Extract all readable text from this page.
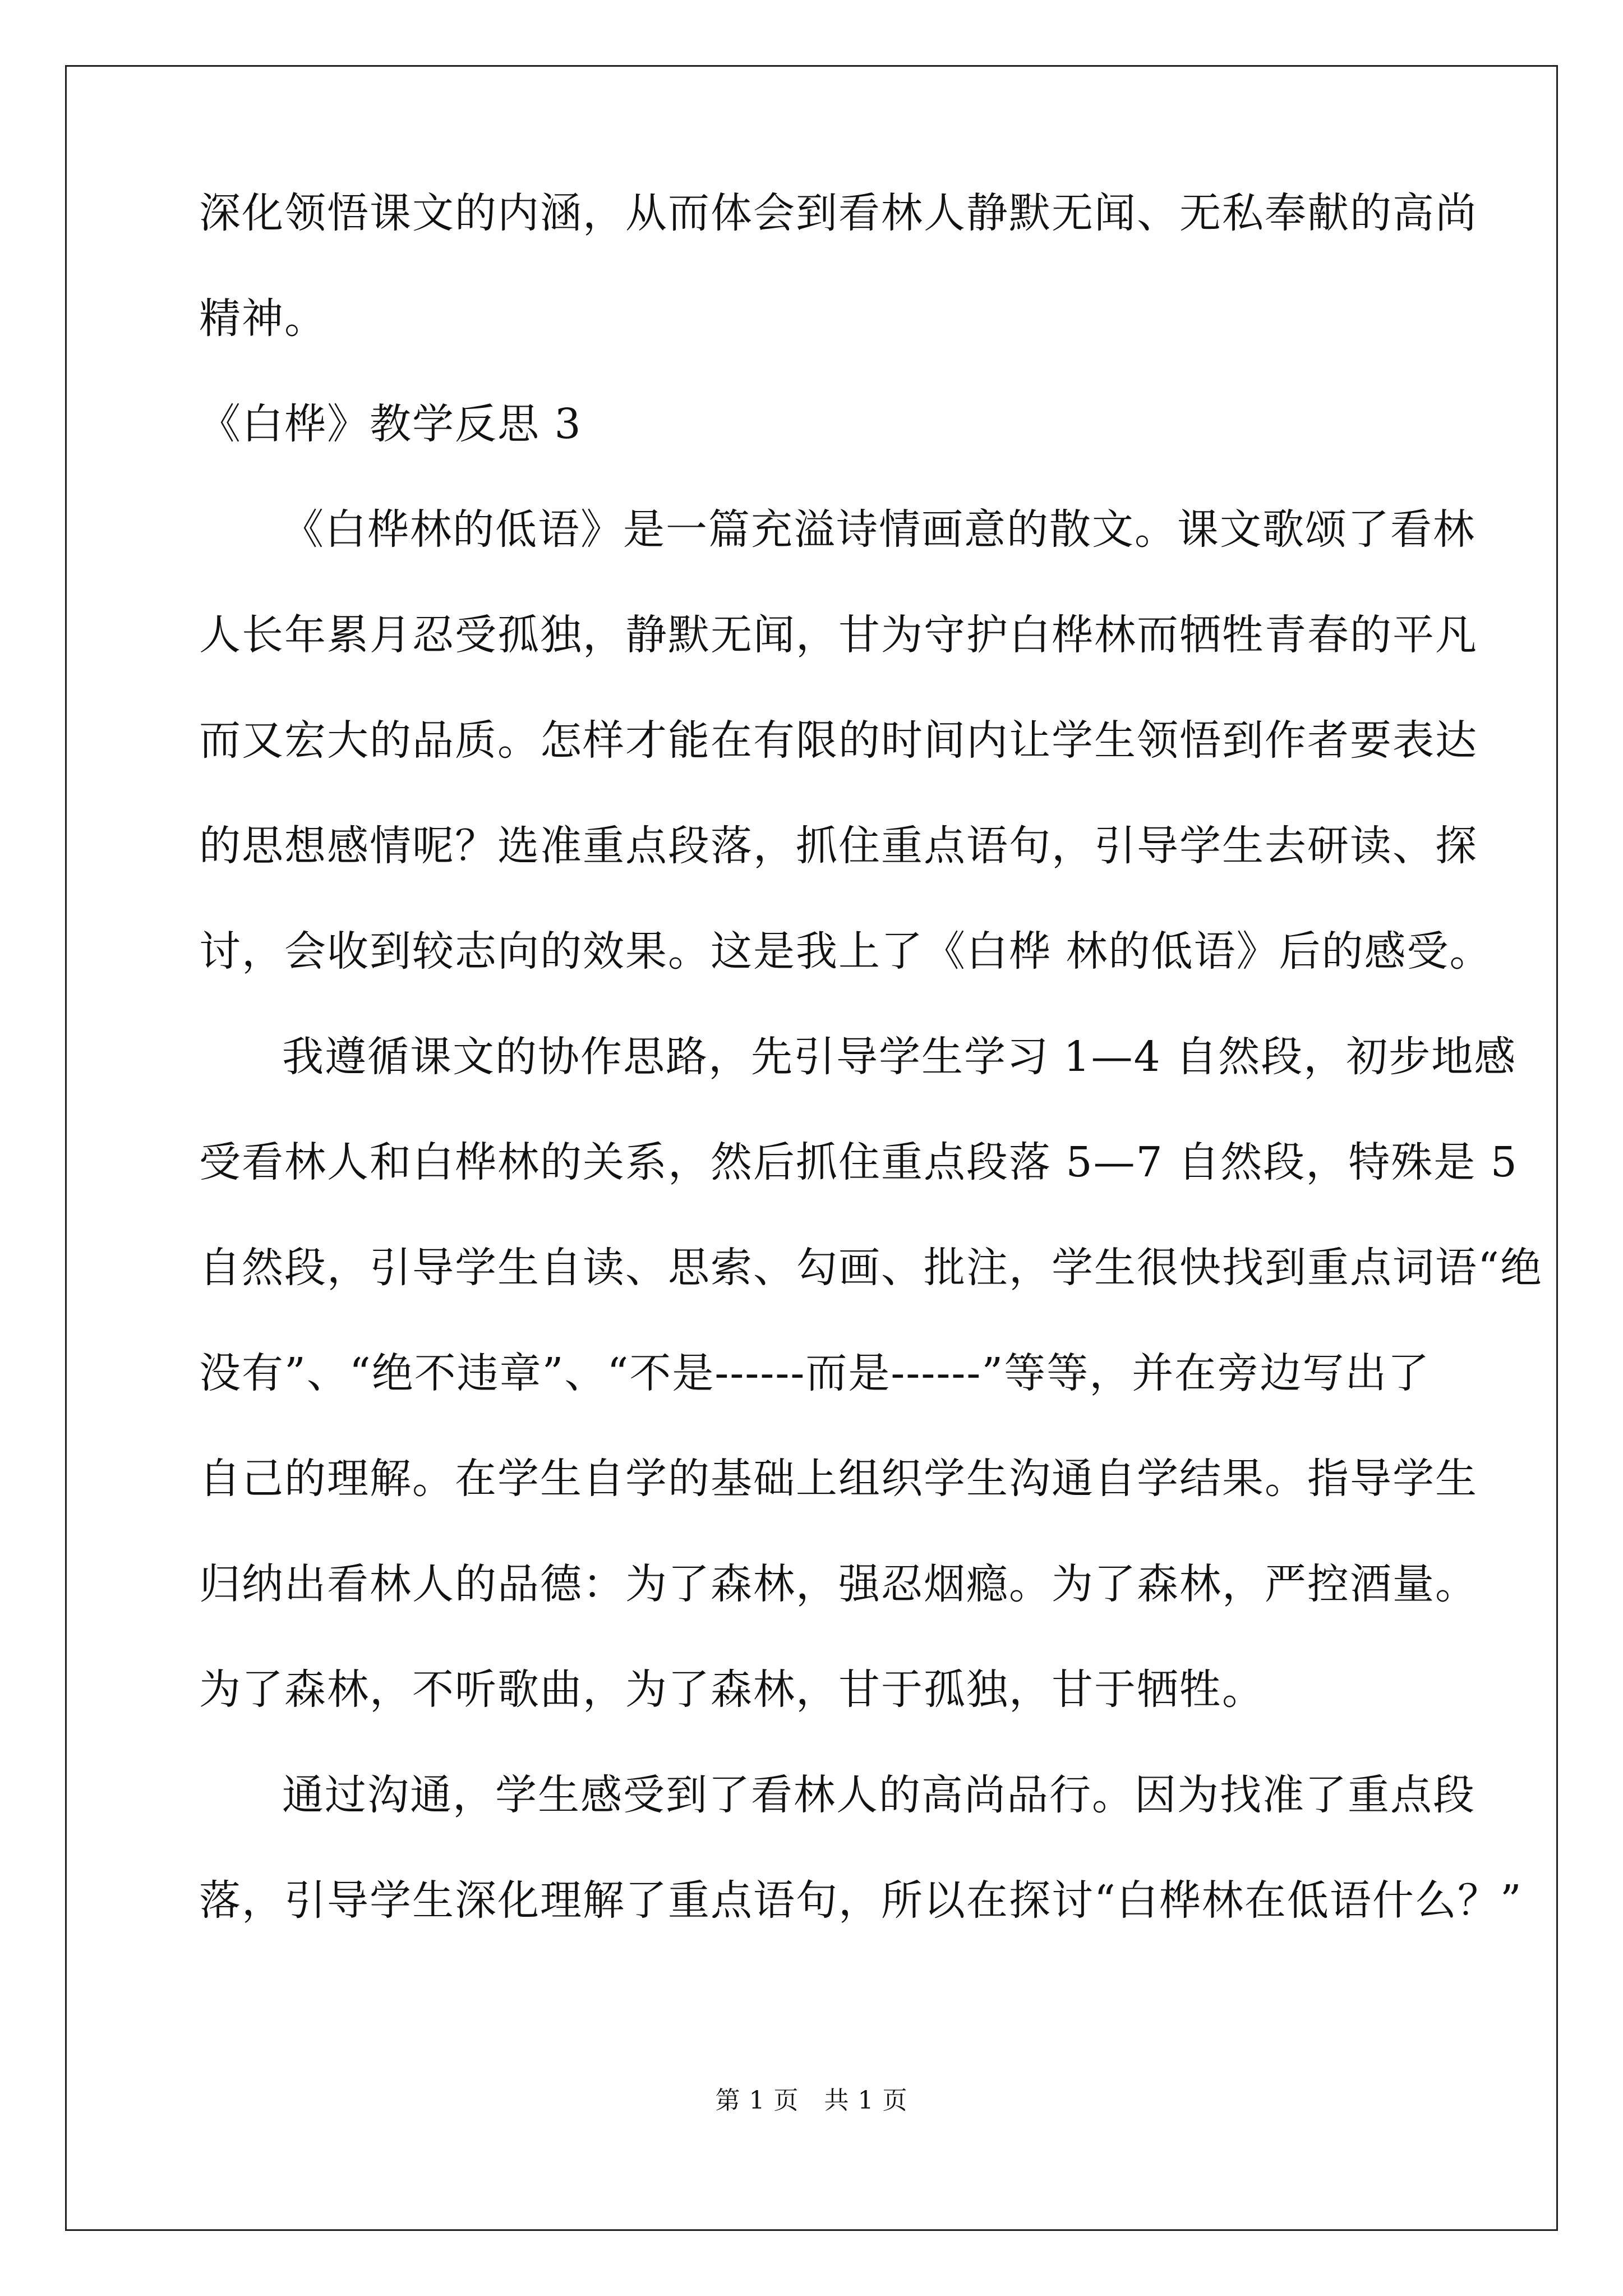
深化领悟课文的内涵，从而体会到看林人静默无闻、无私奉献的高尚
精神。
《白桦》教学反思 3
《白桦林的低语》是一篇充溢诗情画意的散文。课文歌颂了看林
人长年累月忍受孤独，静默无闻，甘为守护白桦林而牺牲青春的平凡
而又宏大的品质。怎样才能在有限的时间内让学生领悟到作者要表达
的思想感情呢？选准重点段落，抓住重点语句，引导学生去研读、探
讨，会收到较志向的效果。这是我上了《白桦 林的低语》后的感受。
我遵循课文的协作思路，先引导学生学习 1—4 自然段，初步地感
受看林人和白桦林的关系，然后抓住重点段落 5—7 自然段，特殊是 5
自然段，引导学生自读、思索、勾画、批注，学生很快找到重点词语“绝
没有”、“绝不违章”、“不是------而是------”等等，并在旁边写出了
自己的理解。在学生自学的基础上组织学生沟通自学结果。指导学生
归纳出看林人的品德：为了森林，强忍烟瘾。为了森林，严控酒量。
为了森林，不听歌曲，为了森林，甘于孤独，甘于牺牲。
通过沟通，学生感受到了看林人的高尚品行。因为找准了重点段
落，引导学生深化理解了重点语句，所以在探讨“白桦林在低语什么？”
第 1 页   共 1 页
